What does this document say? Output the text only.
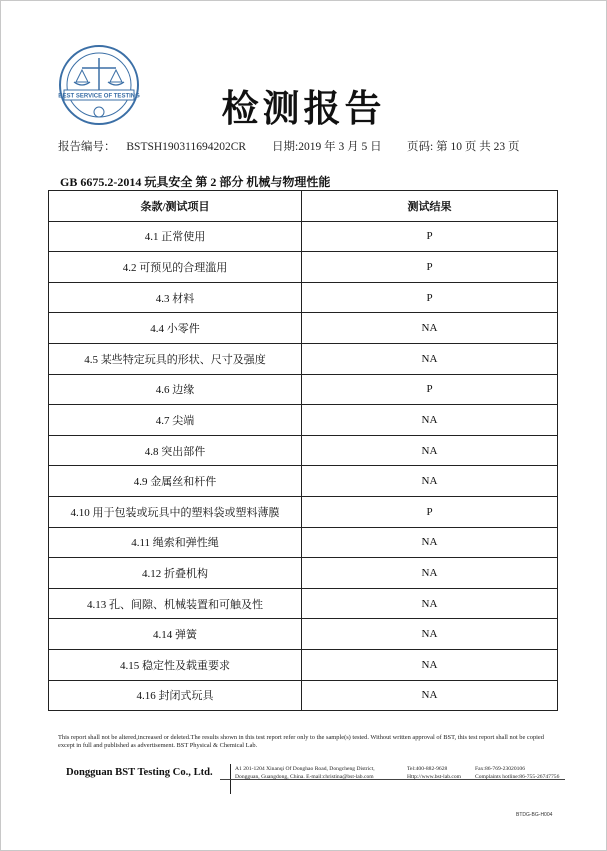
BEST SERVICE OF TESTING	检测报告
报告编号： BSTSH190311694202CR 日期:2019 年 3 月 5 日 页码: 第 10 页 共 23 页
GB 6675.2-2014 玩具安全 第 2 部分 机械与物理性能
条款/测试项目	测试结果
4.1 正常使用	P
4.2 可预见的合理滥用	P
4.3 材料	P
4.4 小零件	NA
4.5 某些特定玩具的形状、尺寸及强度	NA
4.6 边缘	P
4.7 尖端	NA
4.8 突出部件	NA
4.9 金属丝和杆件	NA
4.10 用于包装或玩具中的塑料袋或塑料薄膜	P
4.11 绳索和弹性绳	NA
4.12 折叠机构	NA
4.13 孔、间隙、机械装置和可触及性	NA
4.14 弹簧	NA
4.15 稳定性及载重要求	NA
4.16 封闭式玩具	NA
This report shall not be altered,increased or deleted.The results shown in this test report refer only to the sample(s) tested. Without written approval of BST, this test report shall not be copied except in full and published as advertisement. BST Physical & Chemical Lab.
Dongguan BST Testing Co., Ltd.	A1 201-1204 Xinanqi Of Donghao Road, Dongcheng District,
Dongguan, Guangdong, China. E-mail:christina@bst-lab.com
Tel:400-882-9628
Http://www.bst-lab.com
Fax:86-769-23020106
Complaints hotline:86-755-26747756
BTDG-BG-H004
